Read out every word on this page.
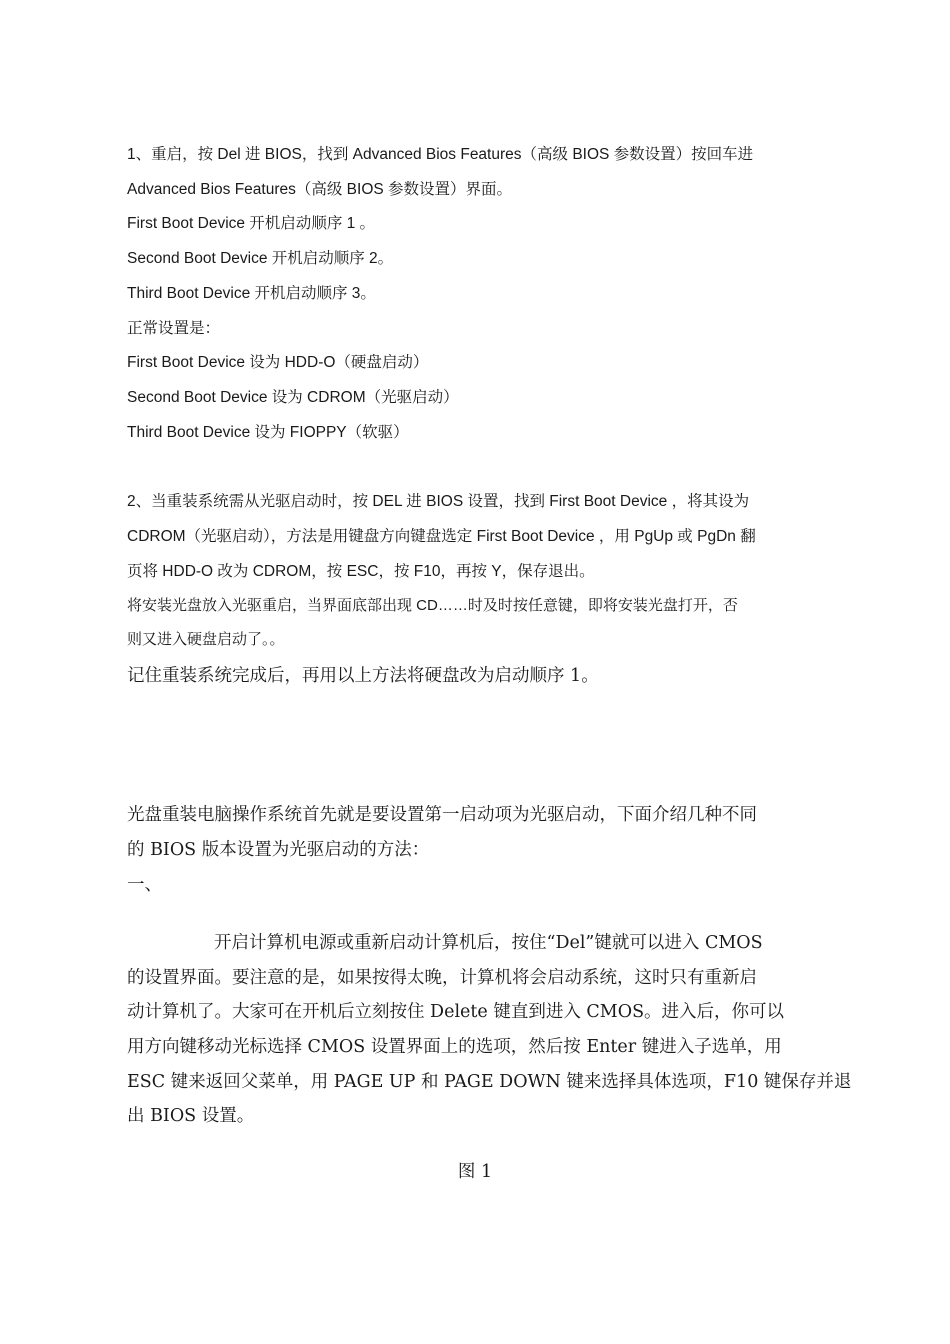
1、重启，按 Del 进 BIOS，找到 Advanced Bios Features（高级 BIOS 参数设置）按回车进
Advanced Bios Features（高级 BIOS 参数设置）界面。
First Boot Device 开机启动顺序 1 。
Second Boot Device 开机启动顺序 2。
Third Boot Device 开机启动顺序 3。
正常设置是：
First Boot Device 设为 HDD-O（硬盘启动）
Second Boot Device 设为 CDROM（光驱启动）
Third Boot Device 设为 FIOPPY（软驱）
2、当重装系统需从光驱启动时，按 DEL 进 BIOS 设置，找到 First Boot Device ，将其设为
CDROM（光驱启动），方法是用键盘方向键盘选定 First Boot Device ，用 PgUp 或 PgDn 翻
页将 HDD-O 改为 CDROM，按 ESC，按 F10，再按 Y，保存退出。
将安装光盘放入光驱重启，当界面底部出现 CD……时及时按任意键，即将安装光盘打开，否
则又进入硬盘启动了。。
记住重装系统完成后，再用以上方法将硬盘改为启动顺序 1。
光盘重装电脑操作系统首先就是要设置第一启动项为光驱启动，下面介绍几种不同
的 BIOS 版本设置为光驱启动的方法：
一、
开启计算机电源或重新启动计算机后，按住“Del”键就可以进入 CMOS
的设置界面。要注意的是，如果按得太晚，计算机将会启动系统，这时只有重新启
动计算机了。大家可在开机后立刻按住 Delete 键直到进入 CMOS。进入后，你可以
用方向键移动光标选择 CMOS 设置界面上的选项，然后按 Enter 键进入子选单，用
ESC 键来返回父菜单，用 PAGE UP 和 PAGE DOWN 键来选择具体选项，F10 键保存并退
出 BIOS 设置。
图 1
